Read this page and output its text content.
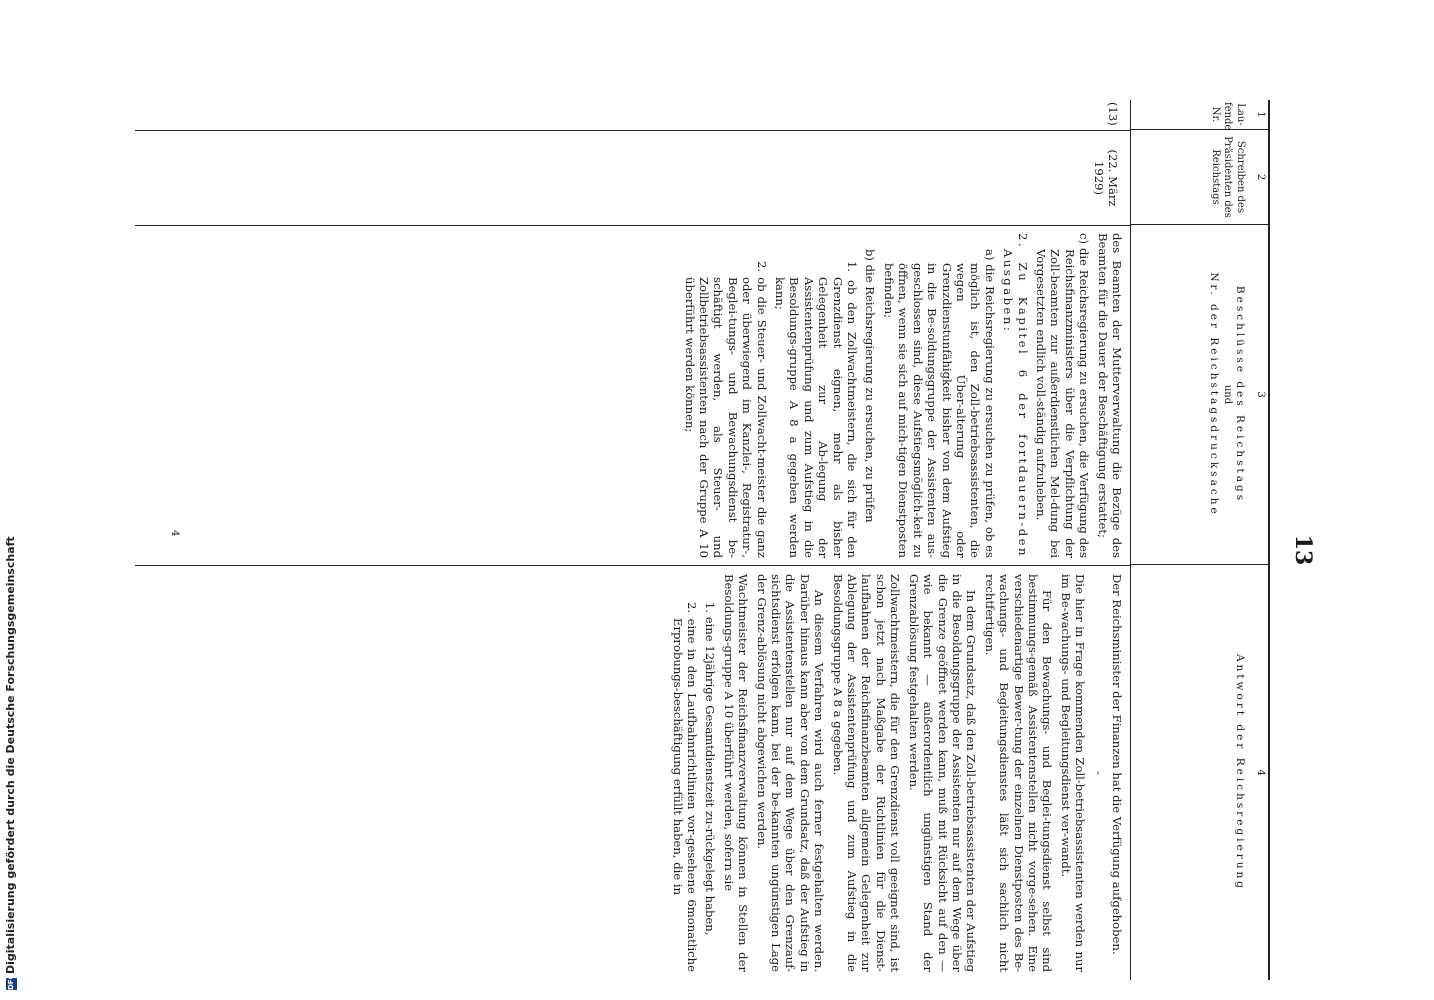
13
1
Lau-fende Nr.
2
Schreiben des Präsidenten des Reichstags
3
Beschlüsse des Reichstags
und
Nr. der Reichstagsdrucksache
4
Antwort der Reichsregierung
(13)
(22. März 1929)

des Beamten der Mutterverwaltung die Bezüge des Beamten für die Dauer der Beschäftigung erstattet;

c) die Reichsregierung zu ersuchen, die Verfügung des Reichsfinanzministers über die Verpflichtung der Zoll-beamten zur außerdienstlichen Mel-dung bei Vorgesetzten endlich voll-ständig aufzuheben.

2. Zu Kapitel 6 der fortdauern-den Ausgaben:

a) die Reichsregierung zu ersuchen zu prüfen, ob es möglich ist, den Zoll-betriebsassistenten, die wegen Über-alterung oder Grenzdienstunfähigkeit bisher von dem Aufstieg in die Be-soldungsgruppe der Assistenten aus-geschlossen sind, diese Aufstiegsmöglich-keit zu öffnen, wenn sie sich auf mich-tigen Dienstposten befinden;

b) die Reichsregierung zu ersuchen, zu prüfen

1. ob den Zollwachtmeistern, die sich für den Grenzdienst eignen, mehr als bisher Gelegenheit zur Ab-legung der Assistentenprüfung und zum Aufstieg in die Besoldungs-gruppe A 8 a gegeben werden kann;

2. ob die Steuer- und Zollwacht-meister die ganz oder überwiegend im Kanzlei-, Registratur-, Beglei-tungs- und Bewachungsdienst be-schäftigt werden, als Steuer- und Zollbetriebsassistenten nach der Gruppe A 10 überführt werden können;

Der Reichsminister der Finanzen hat die Verfügung aufgehoben.

-

Die hier in Frage kommenden Zoll-betriebsassistenten werden nur im Be-wachungs- und Begleitungsdienst ver-wandt.

Für den Bewachungs- und Beglei-tungsdienst selbst sind bestimmungs-gemäß Assistentenstellen nicht vorge-sehen. Eine verschiedenartige Bewer-tung der einzelnen Dienstposten des Be-wachungs- und Begleitungsdienstes läßt sich sachlich nicht rechtfertigen.

In dem Grundsatz, daß den Zoll-betriebsassistenten der Aufstieg in die Besoldungsgruppe der Assistenten nur auf dem Wege über die Grenze geöffnet werden kann, muß mit Rücksicht auf den — wie bekannt — außerordentlich ungünstigen Stand der Grenzablösung festgehalten werden.

Zollwachtmeistern, die für den Grenzdienst voll geeignet sind, ist schon jetzt nach Maßgabe der Richtlinien für die Dienst-laufbahnen der Reichsfinanzbeamten allgemein Gelegenheit zur Ablegung der Assistentenprüfung und zum Aufstieg in die Besoldungsgruppe A 8 a gegeben.

An diesem Verfahren wird auch ferner festgehalten werden. Darüber hinaus kann aber von dem Grundsatz, daß der Aufstieg in die Assistentenstellen nur auf dem Wege über den Grenzauf-sichtsdienst erfolgen kann, bei der be-kannten ungünstigen Lage der Grenz-ablösung nicht abgewichen werden.

Wachtmeister der Reichsfinanzverwaltung können in Stellen der Besoldungs-gruppe A 10 überführt werden, sofern sie

1. eine 12jährige Gesamtdienstzeit zu-rückgelegt haben,

2. eine in den Laufbahnrichtlinien vor-gesehene 6monatliche Erprobungs-beschäftigung erfüllt haben, die in

4
DFGDigitalisierung gefördert durch die Deutsche Forschungsgemeinschaft
